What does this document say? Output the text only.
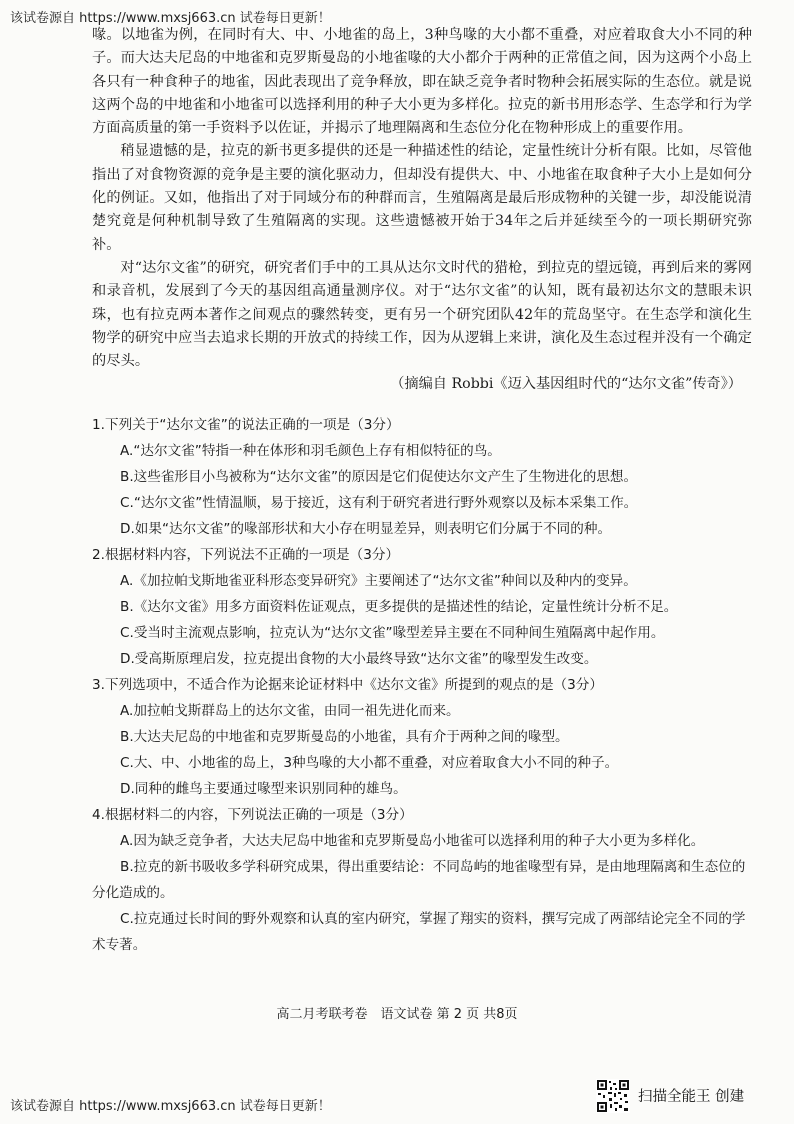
该试卷源自 https://www.mxsj663.cn 试卷每日更新！

喙。以地雀为例，在同时有大、中、小地雀的岛上，3种鸟喙的大小都不重叠，对应着取食大小不同的种子。而大达夫尼岛的中地雀和克罗斯曼岛的小地雀喙的大小都介于两种的正常值之间，因为这两个小岛上各只有一种食种子的地雀，因此表现出了竞争释放，即在缺乏竞争者时物种会拓展实际的生态位。就是说这两个岛的中地雀和小地雀可以选择利用的种子大小更为多样化。拉克的新书用形态学、生态学和行为学方面高质量的第一手资料予以佐证，并揭示了地理隔离和生态位分化在物种形成上的重要作用。

稍显遗憾的是，拉克的新书更多提供的还是一种描述性的结论，定量性统计分析有限。比如，尽管他指出了对食物资源的竞争是主要的演化驱动力，但却没有提供大、中、小地雀在取食种子大小上是如何分化的例证。又如，他指出了对于同域分布的种群而言，生殖隔离是最后形成物种的关键一步，却没能说清楚究竟是何种机制导致了生殖隔离的实现。这些遗憾被开始于34年之后并延续至今的一项长期研究弥补。

对“达尔文雀”的研究，研究者们手中的工具从达尔文时代的猎枪，到拉克的望远镜，再到后来的雾网和录音机，发展到了今天的基因组高通量测序仪。对于“达尔文雀”的认知，既有最初达尔文的慧眼未识珠，也有拉克两本著作之间观点的骤然转变，更有另一个研究团队42年的荒岛坚守。在生态学和演化生物学的研究中应当去追求长期的开放式的持续工作，因为从逻辑上来讲，演化及生态过程并没有一个确定的尽头。

（摘编自 Robbi《迈入基因组时代的“达尔文雀”传奇》）

1.下列关于“达尔文雀”的说法正确的一项是（3分）

A.“达尔文雀”特指一种在体形和羽毛颜色上存有相似特征的鸟。

B.这些雀形目小鸟被称为“达尔文雀”的原因是它们促使达尔文产生了生物进化的思想。

C.“达尔文雀”性情温顺，易于接近，这有利于研究者进行野外观察以及标本采集工作。

D.如果“达尔文雀”的喙部形状和大小存在明显差异，则表明它们分属于不同的种。

2.根据材料内容，下列说法不正确的一项是（3分）

A.《加拉帕戈斯地雀亚科形态变异研究》主要阐述了“达尔文雀”种间以及种内的变异。

B.《达尔文雀》用多方面资料佐证观点，更多提供的是描述性的结论，定量性统计分析不足。

C.受当时主流观点影响，拉克认为“达尔文雀”喙型差异主要在不同种间生殖隔离中起作用。

D.受高斯原理启发，拉克提出食物的大小最终导致“达尔文雀”的喙型发生改变。

3.下列选项中，不适合作为论据来论证材料中《达尔文雀》所提到的观点的是（3分）

A.加拉帕戈斯群岛上的达尔文雀，由同一祖先进化而来。

B.大达夫尼岛的中地雀和克罗斯曼岛的小地雀，具有介于两种之间的喙型。

C.大、中、小地雀的岛上，3种鸟喙的大小都不重叠，对应着取食大小不同的种子。

D.同种的雌鸟主要通过喙型来识别同种的雄鸟。

4.根据材料二的内容，下列说法正确的一项是（3分）

A.因为缺乏竞争者，大达夫尼岛中地雀和克罗斯曼岛小地雀可以选择利用的种子大小更为多样化。

B.拉克的新书吸收多学科研究成果，得出重要结论：不同岛屿的地雀喙型有异，是由地理隔离和生态位的分化造成的。

C.拉克通过长时间的野外观察和认真的室内研究，掌握了翔实的资料，撰写完成了两部结论完全不同的学术专著。

高二月考联考卷　语文试卷 第 2 页 共8页
该试卷源自 https://www.mxsj663.cn 试卷每日更新！
扫描全能王 创建
